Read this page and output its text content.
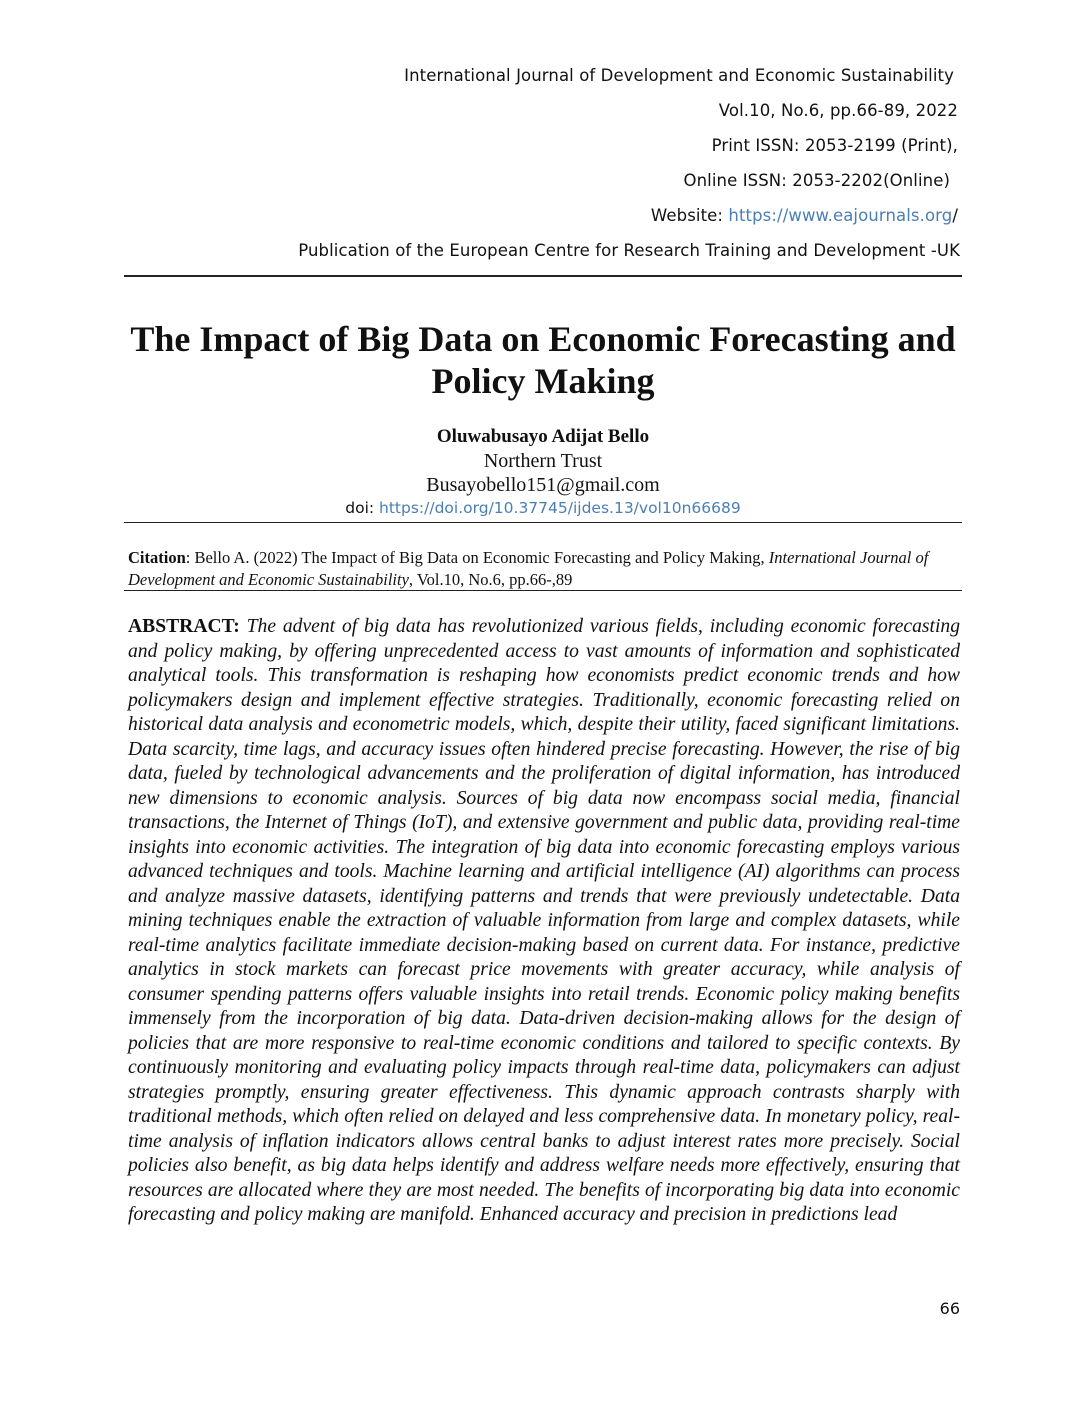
International Journal of Development and Economic Sustainability
Vol.10, No.6, pp.66-89, 2022
Print ISSN: 2053-2199 (Print),
Online ISSN: 2053-2202(Online)
Website: https://www.eajournals.org/
Publication of the European Centre for Research Training and Development -UK
The Impact of Big Data on Economic Forecasting and Policy Making
Oluwabusayo Adijat Bello
Northern Trust
Busayobello151@gmail.com
doi: https://doi.org/10.37745/ijdes.13/vol10n66689

Citation: Bello A. (2022) The Impact of Big Data on Economic Forecasting and Policy Making, International Journal of Development and Economic Sustainability, Vol.10, No.6, pp.66-,89

ABSTRACT: The advent of big data has revolutionized various fields, including economic forecasting and policy making, by offering unprecedented access to vast amounts of information and sophisticated analytical tools. This transformation is reshaping how economists predict economic trends and how policymakers design and implement effective strategies. Traditionally, economic forecasting relied on historical data analysis and econometric models, which, despite their utility, faced significant limitations. Data scarcity, time lags, and accuracy issues often hindered precise forecasting. However, the rise of big data, fueled by technological advancements and the proliferation of digital information, has introduced new dimensions to economic analysis. Sources of big data now encompass social media, financial transactions, the Internet of Things (IoT), and extensive government and public data, providing real-time insights into economic activities. The integration of big data into economic forecasting employs various advanced techniques and tools. Machine learning and artificial intelligence (AI) algorithms can process and analyze massive datasets, identifying patterns and trends that were previously undetectable. Data mining techniques enable the extraction of valuable information from large and complex datasets, while real-time analytics facilitate immediate decision-making based on current data. For instance, predictive analytics in stock markets can forecast price movements with greater accuracy, while analysis of consumer spending patterns offers valuable insights into retail trends. Economic policy making benefits immensely from the incorporation of big data. Data-driven decision-making allows for the design of policies that are more responsive to real-time economic conditions and tailored to specific contexts. By continuously monitoring and evaluating policy impacts through real-time data, policymakers can adjust strategies promptly, ensuring greater effectiveness. This dynamic approach contrasts sharply with traditional methods, which often relied on delayed and less comprehensive data. In monetary policy, real-time analysis of inflation indicators allows central banks to adjust interest rates more precisely. Social policies also benefit, as big data helps identify and address welfare needs more effectively, ensuring that resources are allocated where they are most needed. The benefits of incorporating big data into economic forecasting and policy making are manifold. Enhanced accuracy and precision in predictions lead

66
